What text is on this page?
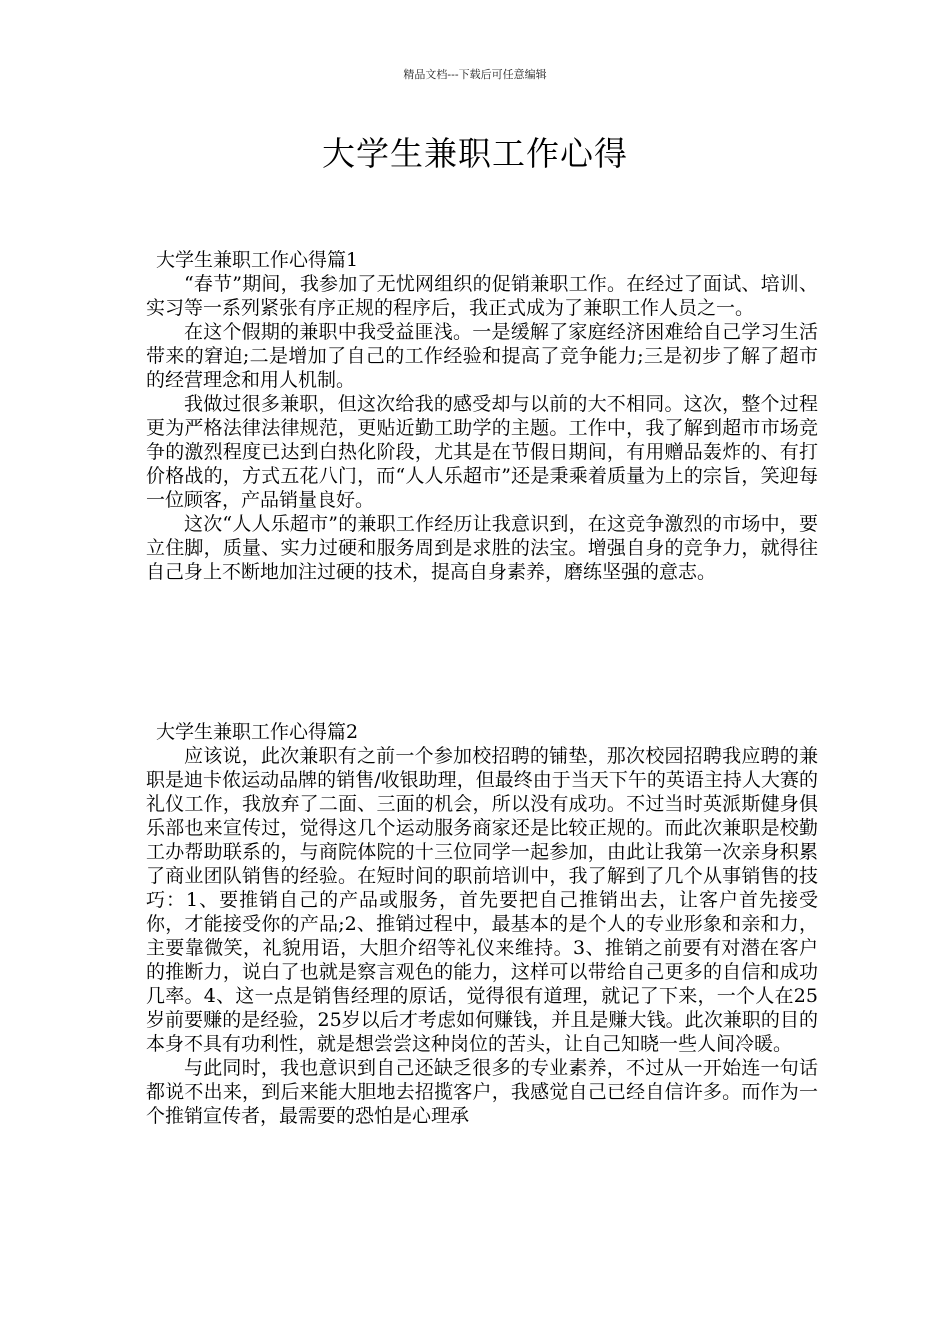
精品文档---下载后可任意编辑
大学生兼职工作心得

大学生兼职工作心得篇1

“春节”期间，我参加了无忧网组织的促销兼职工作。在经过了面试、培训、实习等一系列紧张有序正规的程序后，我正式成为了兼职工作人员之一。

在这个假期的兼职中我受益匪浅。一是缓解了家庭经济困难给自己学习生活带来的窘迫;二是增加了自己的工作经验和提高了竞争能力;三是初步了解了超市的经营理念和用人机制。

我做过很多兼职，但这次给我的感受却与以前的大不相同。这次，整个过程更为严格法律法律规范，更贴近勤工助学的主题。工作中，我了解到超市市场竞争的激烈程度已达到白热化阶段，尤其是在节假日期间，有用赠品轰炸的、有打价格战的，方式五花八门，而“人人乐超市”还是秉乘着质量为上的宗旨，笑迎每一位顾客，产品销量良好。

这次“人人乐超市”的兼职工作经历让我意识到，在这竞争激烈的市场中，要立住脚，质量、实力过硬和服务周到是求胜的法宝。增强自身的竞争力，就得往自己身上不断地加注过硬的技术，提高自身素养，磨练坚强的意志。

大学生兼职工作心得篇2

应该说，此次兼职有之前一个参加校招聘的铺垫，那次校园招聘我应聘的兼职是迪卡侬运动品牌的销售/收银助理，但最终由于当天下午的英语主持人大赛的礼仪工作，我放弃了二面、三面的机会，所以没有成功。不过当时英派斯健身俱乐部也来宣传过，觉得这几个运动服务商家还是比较正规的。而此次兼职是校勤工办帮助联系的，与商院体院的十三位同学一起参加，由此让我第一次亲身积累了商业团队销售的经验。在短时间的职前培训中，我了解到了几个从事销售的技巧：1、要推销自己的产品或服务，首先要把自己推销出去，让客户首先接受你，才能接受你的产品;2、推销过程中，最基本的是个人的专业形象和亲和力，主要靠微笑，礼貌用语，大胆介绍等礼仪来维持。3、推销之前要有对潜在客户的推断力，说白了也就是察言观色的能力，这样可以带给自己更多的自信和成功几率。4、这一点是销售经理的原话，觉得很有道理，就记了下来，一个人在25岁前要赚的是经验，25岁以后才考虑如何赚钱，并且是赚大钱。此次兼职的目的本身不具有功利性，就是想尝尝这种岗位的苦头，让自己知晓一些人间冷暖。

与此同时，我也意识到自己还缺乏很多的专业素养，不过从一开始连一句话都说不出来，到后来能大胆地去招揽客户，我感觉自己已经自信许多。而作为一个推销宣传者，最需要的恐怕是心理承
